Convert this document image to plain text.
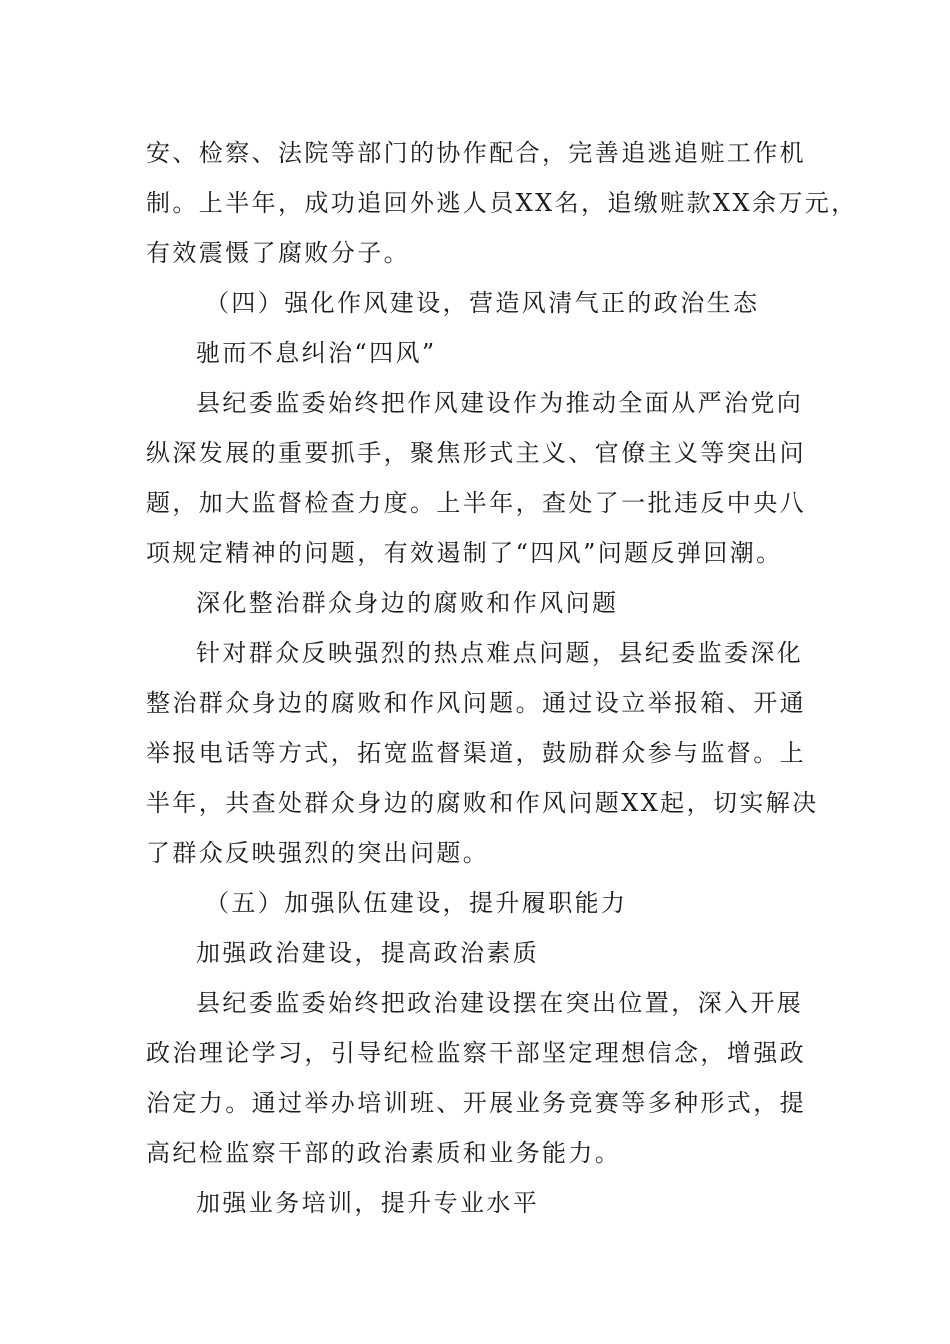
安、检察、法院等部门的协作配合，完善追逃追赃工作机

制。上半年，成功追回外逃人员XX名，追缴赃款XX余万元，

有效震慑了腐败分子。

（四）强化作风建设，营造风清气正的政治生态

驰而不息纠治“四风”

县纪委监委始终把作风建设作为推动全面从严治党向

纵深发展的重要抓手，聚焦形式主义、官僚主义等突出问

题，加大监督检查力度。上半年，查处了一批违反中央八

项规定精神的问题，有效遏制了“四风”问题反弹回潮。

深化整治群众身边的腐败和作风问题

针对群众反映强烈的热点难点问题，县纪委监委深化

整治群众身边的腐败和作风问题。通过设立举报箱、开通

举报电话等方式，拓宽监督渠道，鼓励群众参与监督。上

半年，共查处群众身边的腐败和作风问题XX起，切实解决

了群众反映强烈的突出问题。

（五）加强队伍建设，提升履职能力

加强政治建设，提高政治素质

县纪委监委始终把政治建设摆在突出位置，深入开展

政治理论学习，引导纪检监察干部坚定理想信念，增强政

治定力。通过举办培训班、开展业务竞赛等多种形式，提

高纪检监察干部的政治素质和业务能力。

加强业务培训，提升专业水平
